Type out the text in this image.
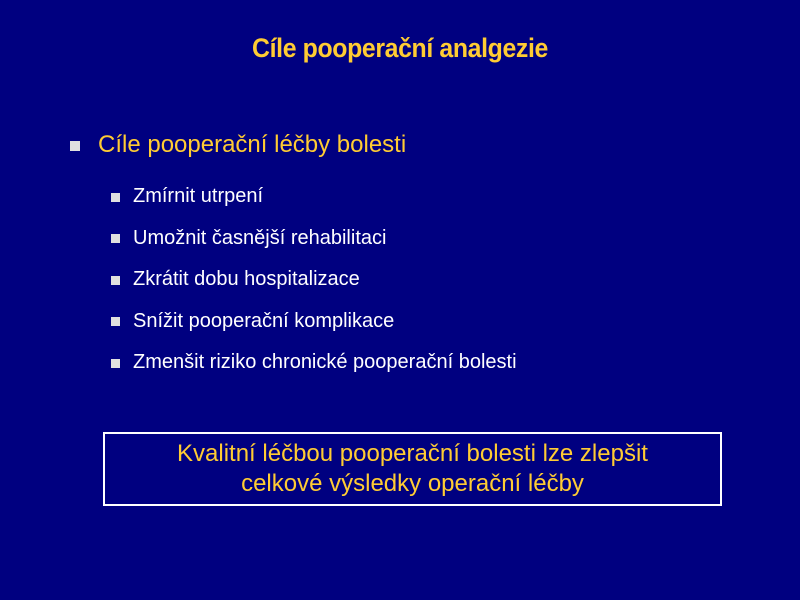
Cíle pooperační analgezie
Cíle pooperační léčby bolesti
Zmírnit utrpení
Umožnit časnější rehabilitaci
Zkrátit dobu hospitalizace
Snížit pooperační komplikace
Zmenšit riziko chronické pooperační bolesti
Kvalitní léčbou pooperační bolesti lze zlepšit
celkové výsledky operační léčby
